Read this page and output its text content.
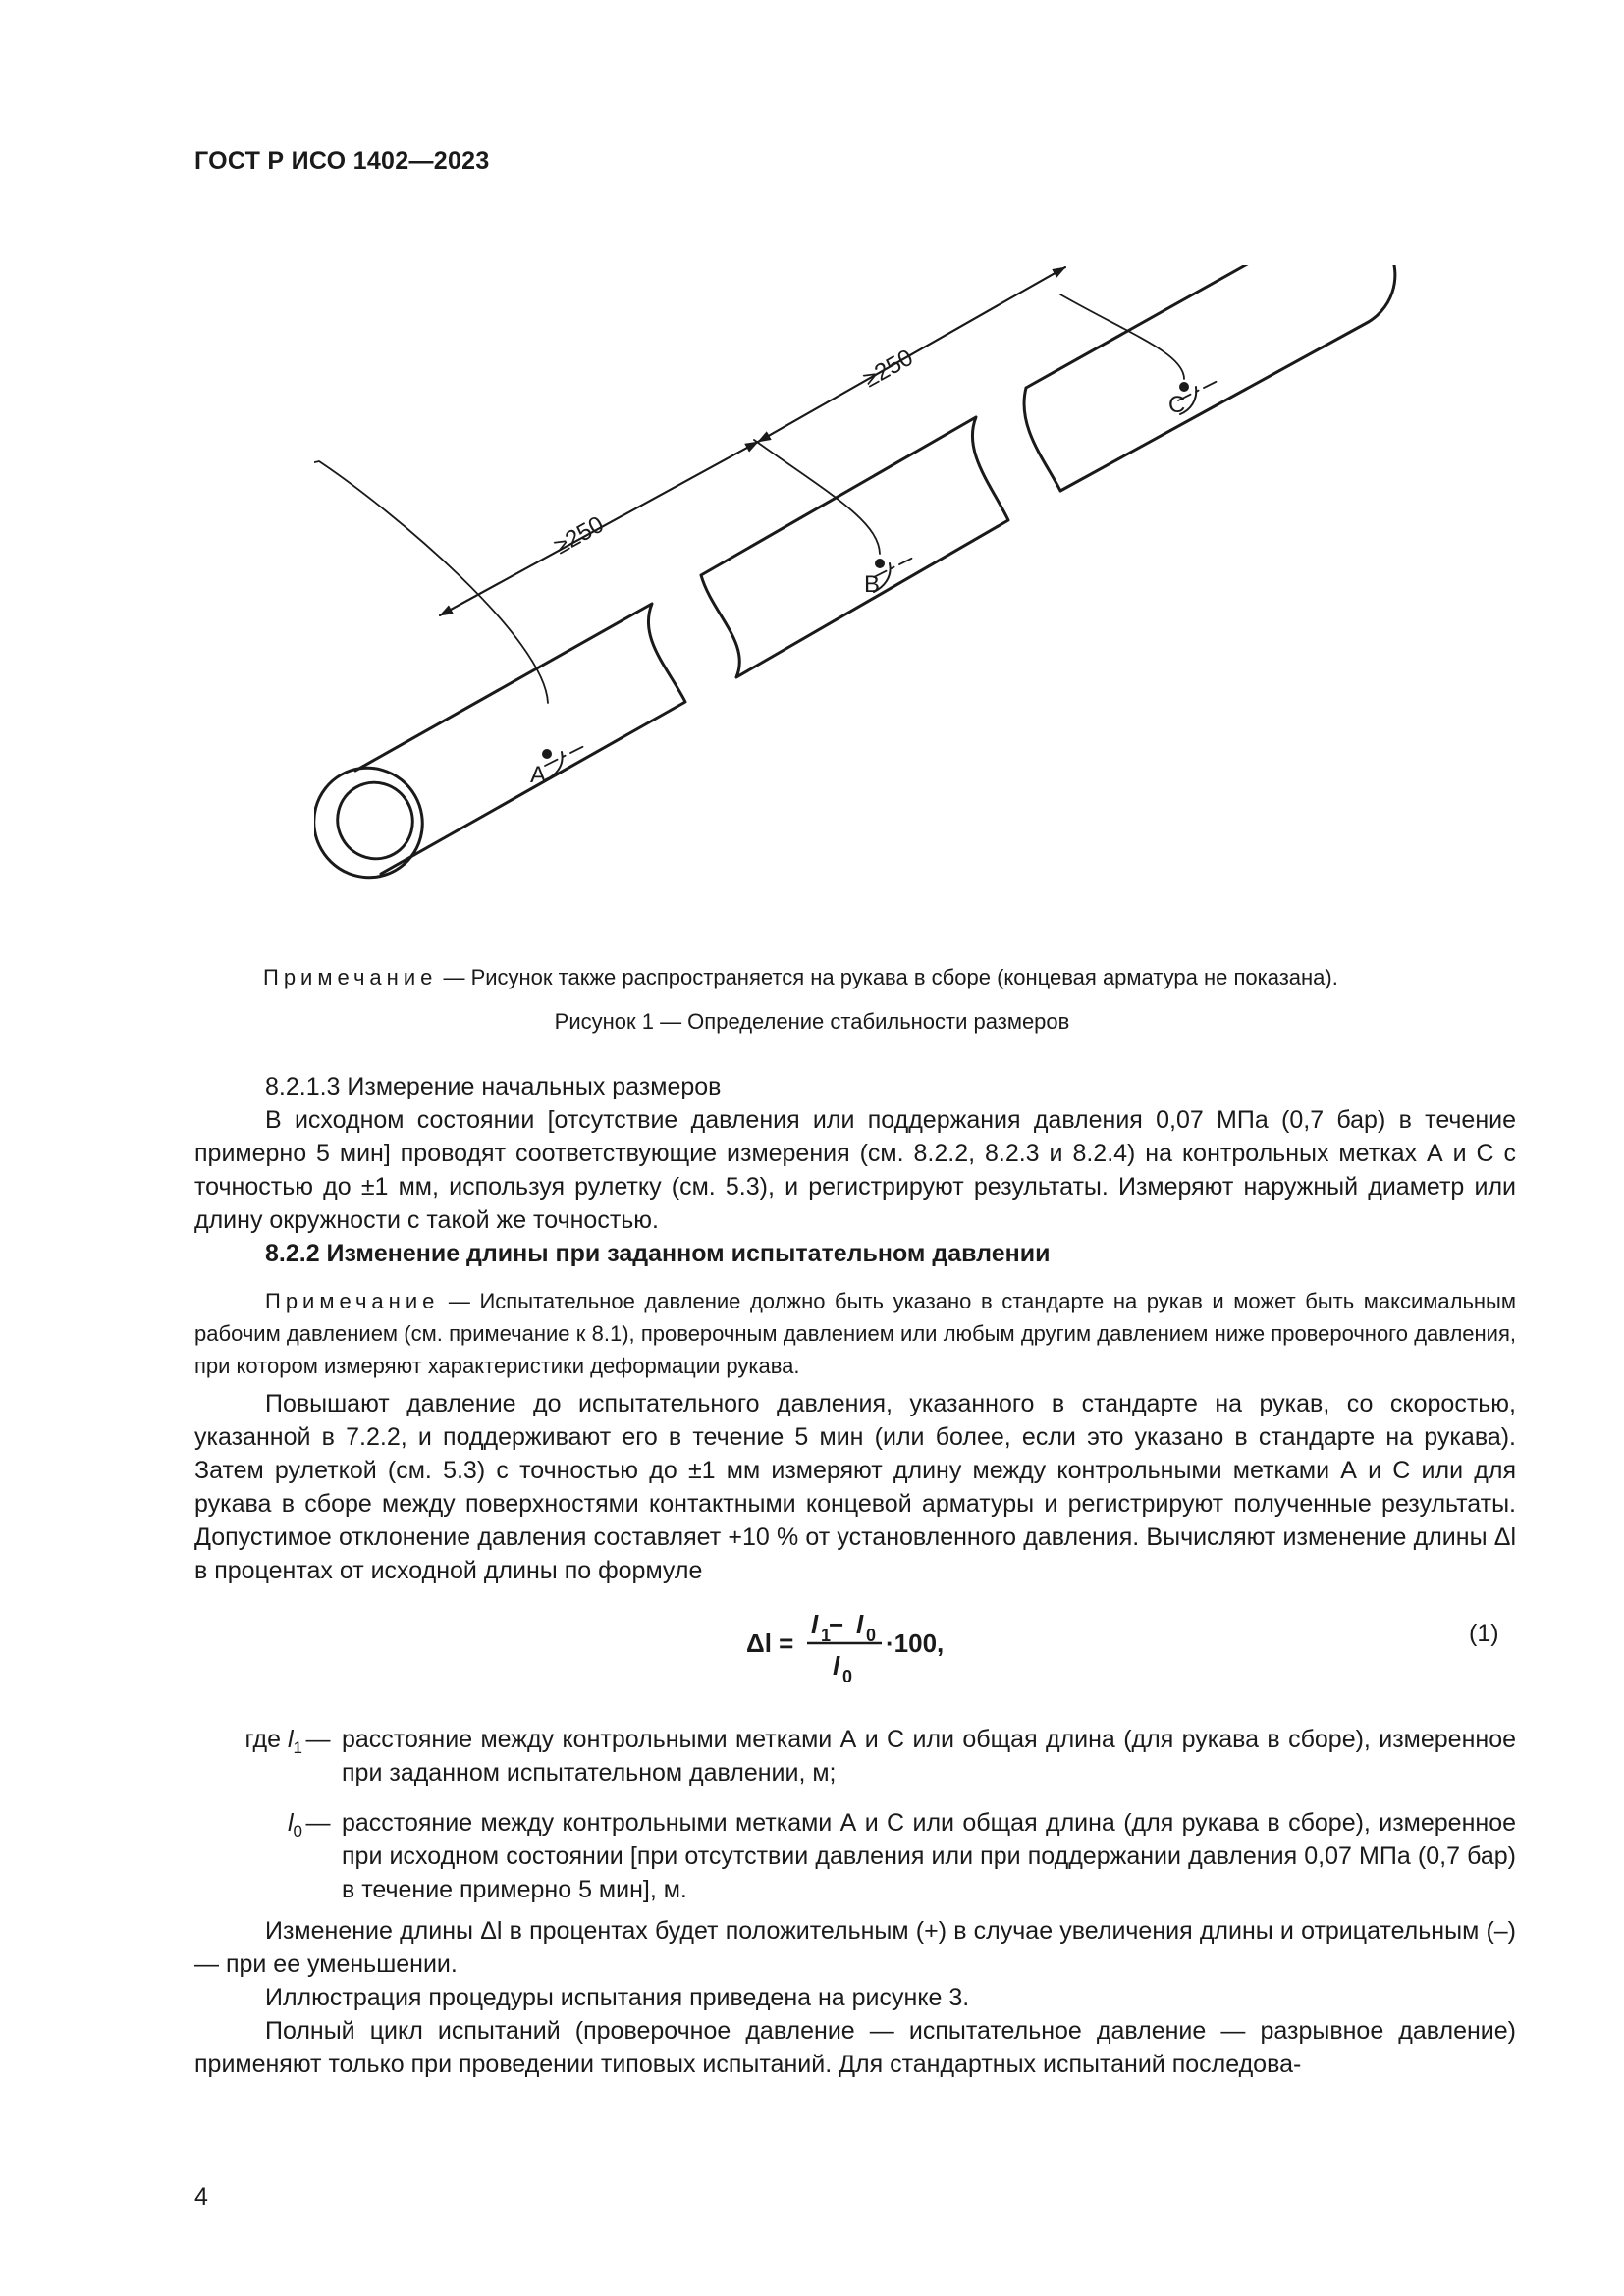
ГОСТ Р ИСО 1402—2023
≥250
≥250
A
B
C
Примечание — Рисунок также распространяется на рукава в сборе (концевая арматура не показана).
Рисунок 1 — Определение стабильности размеров
8.2.1.3 Измерение начальных размеров
В исходном состоянии [отсутствие давления или поддержания давления 0,07 МПа (0,7 бар) в течение примерно 5 мин] проводят соответствующие измерения (см. 8.2.2, 8.2.3 и 8.2.4) на контрольных метках А и С с точностью до ±1 мм, используя рулетку (см. 5.3), и регистрируют результаты. Измеряют наружный диаметр или длину окружности с такой же точностью.
8.2.2 Изменение длины при заданном испытательном давлении
Примечание — Испытательное давление должно быть указано в стандарте на рукав и может быть максимальным рабочим давлением (см. примечание к 8.1), проверочным давлением или любым другим давлением ниже проверочного давления, при котором измеряют характеристики деформации рукава.
Повышают давление до испытательного давления, указанного в стандарте на рукав, со скоростью, указанной в 7.2.2, и поддерживают его в течение 5 мин (или более, если это указано в стандарте на рукава). Затем рулеткой (см. 5.3) с точностью до ±1 мм измеряют длину между контрольными метками А и С или для рукава в сборе между поверхностями контактными концевой арматуры и регистрируют полученные результаты. Допустимое отклонение давления составляет +10 % от установленного давления. Вычисляют изменение длины Δl в процентах от исходной длины по формуле
Δl =
l 1
− l 0
l 0
·100,	(1)
где $l_1$ — расстояние между контрольными метками А и С или общая длина (для рукава в сборе), измеренное при заданном испытательном давлении, м;
$l_0$ — расстояние между контрольными метками А и С или общая длина (для рукава в сборе), измеренное при исходном состоянии [при отсутствии давления или при поддержании давления 0,07 МПа (0,7 бар) в течение примерно 5 мин], м.
Изменение длины Δl в процентах будет положительным (+) в случае увеличения длины и отрицательным (–) — при ее уменьшении.
Иллюстрация процедуры испытания приведена на рисунке 3.
Полный цикл испытаний (проверочное давление — испытательное давление — разрывное давление) применяют только при проведении типовых испытаний. Для стандартных испытаний последова-
4
